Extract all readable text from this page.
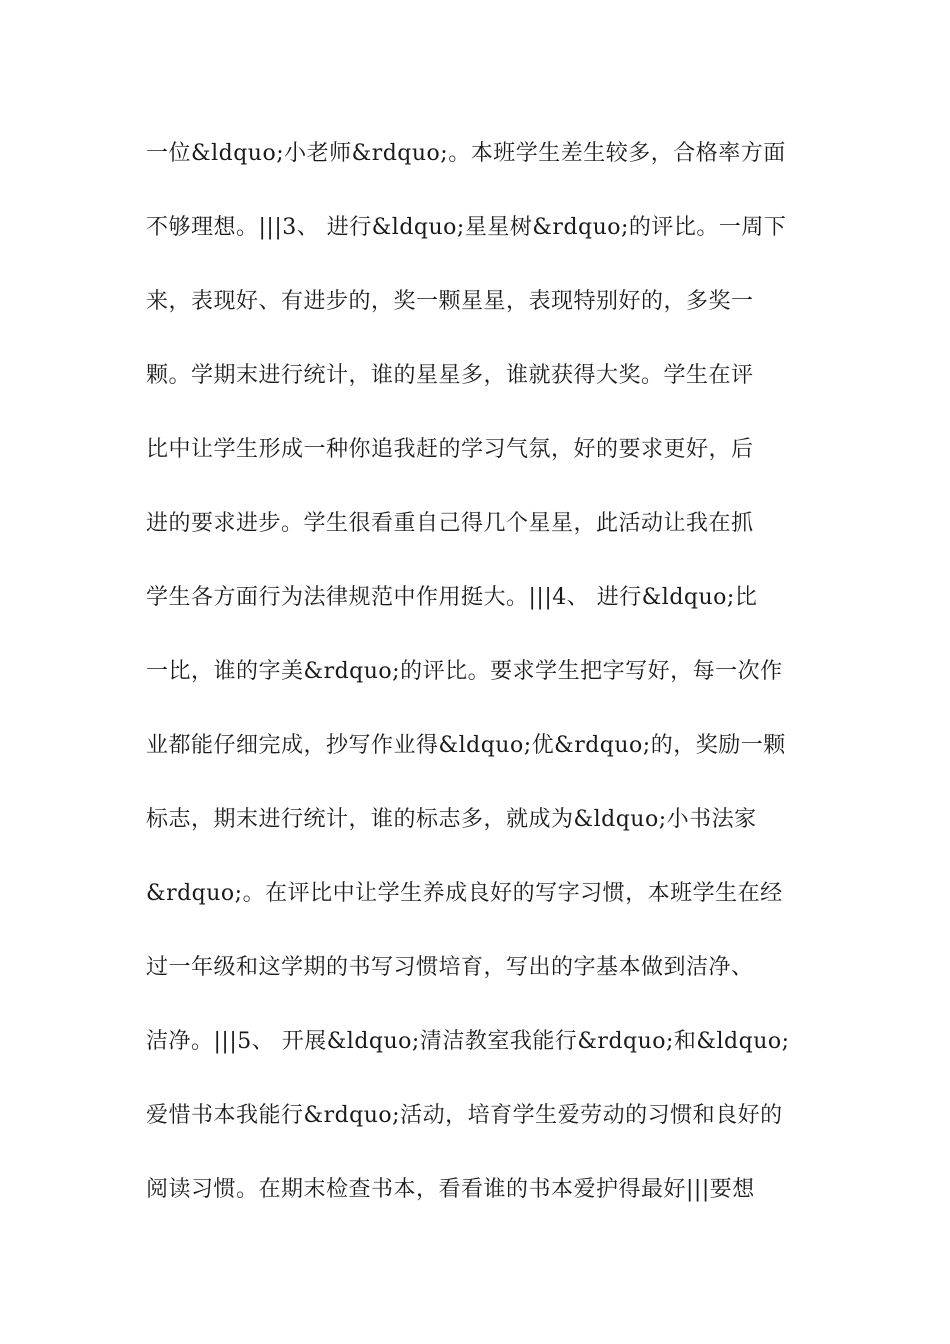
一位&ldquo;小老师&rdquo;。本班学生差生较多，合格率方面
不够理想。|||3、 进行&ldquo;星星树&rdquo;的评比。一周下
来，表现好、有进步的，奖一颗星星，表现特别好的，多奖一
颗。学期末进行统计，谁的星星多，谁就获得大奖。学生在评
比中让学生形成一种你追我赶的学习气氛，好的要求更好，后
进的要求进步。学生很看重自己得几个星星，此活动让我在抓
学生各方面行为法律规范中作用挺大。|||4、 进行&ldquo;比
一比，谁的字美&rdquo;的评比。要求学生把字写好，每一次作
业都能仔细完成，抄写作业得&ldquo;优&rdquo;的，奖励一颗
标志，期末进行统计，谁的标志多，就成为&ldquo;小书法家
&rdquo;。在评比中让学生养成良好的写字习惯，本班学生在经
过一年级和这学期的书写习惯培育，写出的字基本做到洁净、
洁净。|||5、 开展&ldquo;清洁教室我能行&rdquo;和&ldquo;
爱惜书本我能行&rdquo;活动，培育学生爱劳动的习惯和良好的
阅读习惯。在期末检查书本，看看谁的书本爱护得最好|||要想
